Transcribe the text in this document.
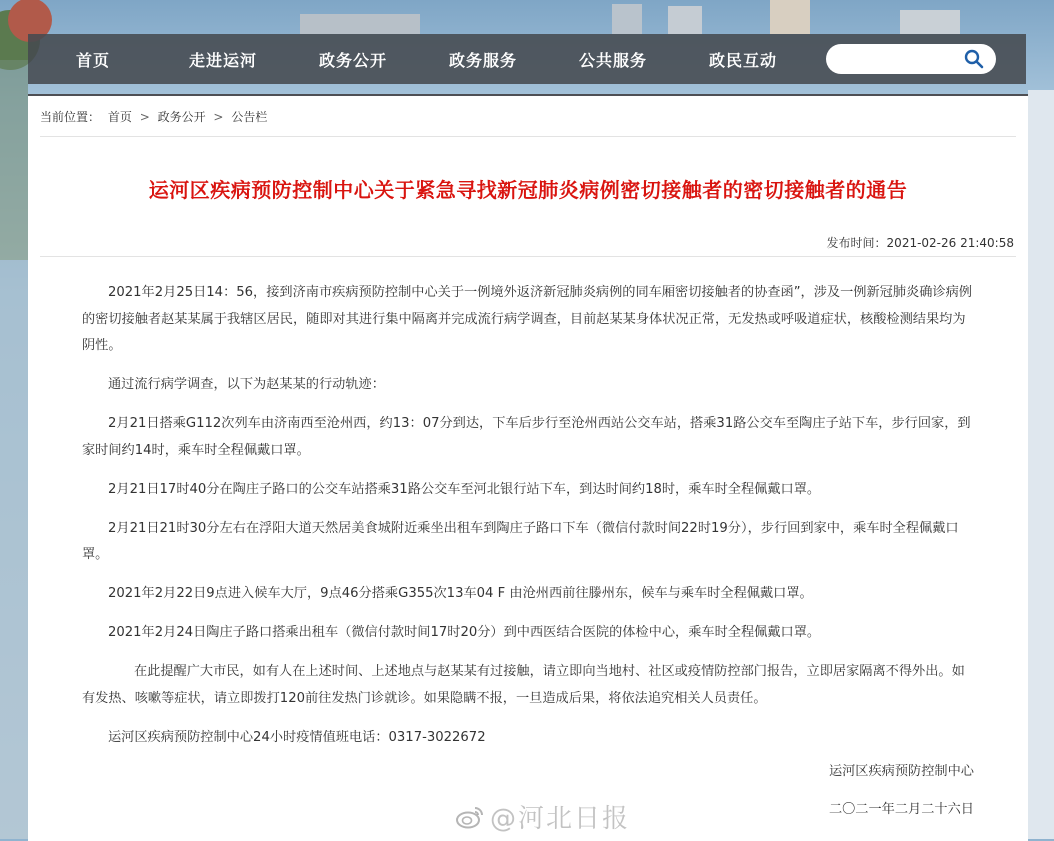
首页	走进运河	政务公开	政务服务	公共服务	政民互动
当前位置： 首页 > 政务公开 > 公告栏
运河区疾病预防控制中心关于紧急寻找新冠肺炎病例密切接触者的密切接触者的通告
发布时间：2021-02-26 21:40:58

2021年2月25日14：56，接到济南市疾病预防控制中心关于一例境外返济新冠肺炎病例的同车厢密切接触者的协查函”，涉及一例新冠肺炎确诊病例的密切接触者赵某某属于我辖区居民，随即对其进行集中隔离并完成流行病学调查，目前赵某某身体状况正常，无发热或呼吸道症状，核酸检测结果均为阴性。

通过流行病学调查，以下为赵某某的行动轨迹：

2月21日搭乘G112次列车由济南西至沧州西，约13：07分到达，下车后步行至沧州西站公交车站，搭乘31路公交车至陶庄子站下车，步行回家，到家时间约14时，乘车时全程佩戴口罩。

2月21日17时40分在陶庄子路口的公交车站搭乘31路公交车至河北银行站下车，到达时间约18时，乘车时全程佩戴口罩。

2月21日21时30分左右在浮阳大道天然居美食城附近乘坐出租车到陶庄子路口下车（微信付款时间22时19分），步行回到家中，乘车时全程佩戴口罩。

2021年2月22日9点进入候车大厅，9点46分搭乘G355次13车04 F 由沧州西前往滕州东，候车与乘车时全程佩戴口罩。

2021年2月24日陶庄子路口搭乘出租车（微信付款时间17时20分）到中西医结合医院的体检中心，乘车时全程佩戴口罩。

在此提醒广大市民，如有人在上述时间、上述地点与赵某某有过接触，请立即向当地村、社区或疫情防控部门报告，立即居家隔离不得外出。如有发热、咳嗽等症状，请立即拨打120前往发热门诊就诊。如果隐瞒不报，一旦造成后果，将依法追究相关人员责任。

运河区疾病预防控制中心24小时疫情值班电话：0317-3022672

运河区疾病预防控制中心
二〇二一年二月二十六日
@河北日报
